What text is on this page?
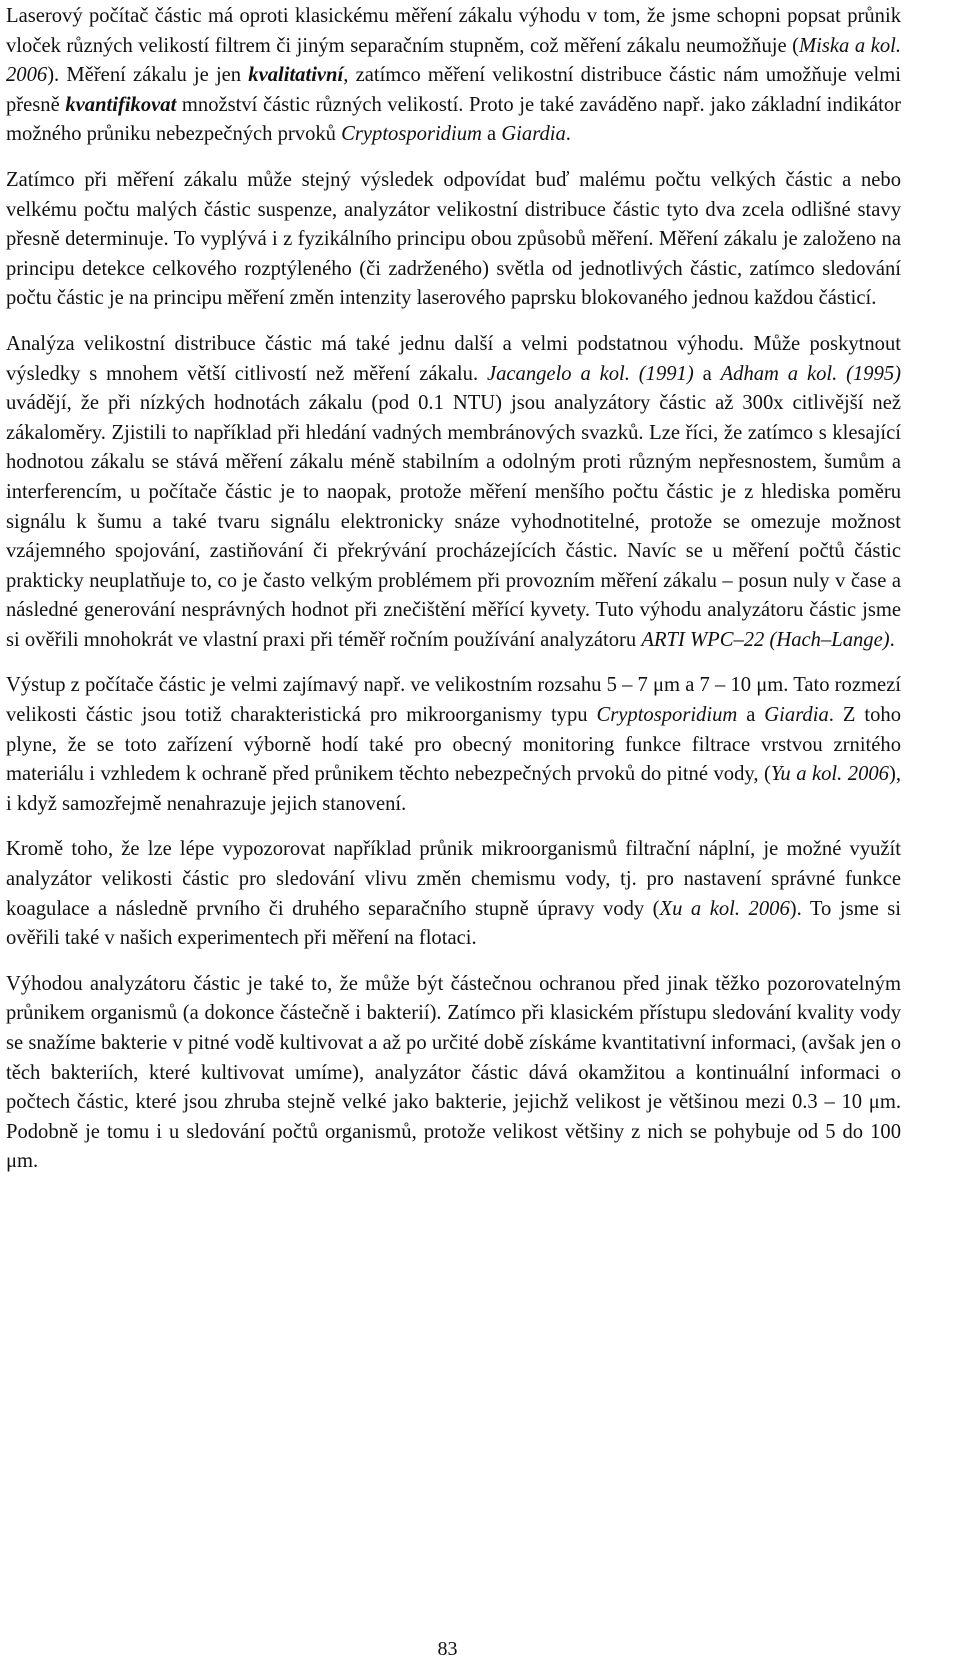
Laserový počítač částic má oproti klasickému měření zákalu výhodu v tom, že jsme schopni popsat průnik vloček různých velikostí filtrem či jiným separačním stupněm, což měření zákalu neumožňuje (Miska a kol. 2006). Měření zákalu je jen kvalitativní, zatímco měření velikostní distribuce částic nám umožňuje velmi přesně kvantifikovat množství částic různých velikostí. Proto je také zaváděno např. jako základní indikátor možného průniku nebezpečných prvoků Cryptosporidium a Giardia.

Zatímco při měření zákalu může stejný výsledek odpovídat buď malému počtu velkých částic a nebo velkému počtu malých částic suspenze, analyzátor velikostní distribuce částic tyto dva zcela odlišné stavy přesně determinuje. To vyplývá i z fyzikálního principu obou způsobů měření. Měření zákalu je založeno na principu detekce celkového rozptýleného (či zadrženého) světla od jednotlivých částic, zatímco sledování počtu částic je na principu měření změn intenzity laserového paprsku blokovaného jednou každou částicí.

Analýza velikostní distribuce částic má také jednu další a velmi podstatnou výhodu. Může poskytnout výsledky s mnohem větší citlivostí než měření zákalu. Jacangelo a kol. (1991) a Adham a kol. (1995) uvádějí, že při nízkých hodnotách zákalu (pod 0.1 NTU) jsou analyzátory částic až 300x citlivější než zákaloměry. Zjistili to například při hledání vadných membránových svazků. Lze říci, že zatímco s klesající hodnotou zákalu se stává měření zákalu méně stabilním a odolným proti různým nepřesnostem, šumům a interferencím, u počítače částic je to naopak, protože měření menšího počtu částic je z hlediska poměru signálu k šumu a také tvaru signálu elektronicky snáze vyhodnotitelné, protože se omezuje možnost vzájemného spojování, zastiňování či překrývání procházejících částic. Navíc se u měření počtů částic prakticky neuplatňuje to, co je často velkým problémem při provozním měření zákalu – posun nuly v čase a následné generování nesprávných hodnot při znečištění měřící kyvety. Tuto výhodu analyzátoru částic jsme si ověřili mnohokrát ve vlastní praxi při téměř ročním používání analyzátoru ARTI WPC–22 (Hach–Lange).

Výstup z počítače částic je velmi zajímavý např. ve velikostním rozsahu 5 – 7 μm a 7 – 10 μm. Tato rozmezí velikosti částic jsou totiž charakteristická pro mikroorganismy typu Cryptosporidium a Giardia. Z toho plyne, že se toto zařízení výborně hodí také pro obecný monitoring funkce filtrace vrstvou zrnitého materiálu i vzhledem k ochraně před průnikem těchto nebezpečných prvoků do pitné vody, (Yu a kol. 2006), i když samozřejmě nenahrazuje jejich stanovení.

Kromě toho, že lze lépe vypozorovat například průnik mikroorganismů filtrační náplní, je možné využít analyzátor velikosti částic pro sledování vlivu změn chemismu vody, tj. pro nastavení správné funkce koagulace a následně prvního či druhého separačního stupně úpravy vody (Xu a kol. 2006). To jsme si ověřili také v našich experimentech při měření na flotaci.

Výhodou analyzátoru částic je také to, že může být částečnou ochranou před jinak těžko pozorovatelným průnikem organismů (a dokonce částečně i bakterií). Zatímco při klasickém přístupu sledování kvality vody se snažíme bakterie v pitné vodě kultivovat a až po určité době získáme kvantitativní informaci, (avšak jen o těch bakteriích, které kultivovat umíme), analyzátor částic dává okamžitou a kontinuální informaci o počtech částic, které jsou zhruba stejně velké jako bakterie, jejichž velikost je většinou mezi 0.3 – 10 μm. Podobně je tomu i u sledování počtů organismů, protože velikost většiny z nich se pohybuje od 5 do 100 μm.

83
